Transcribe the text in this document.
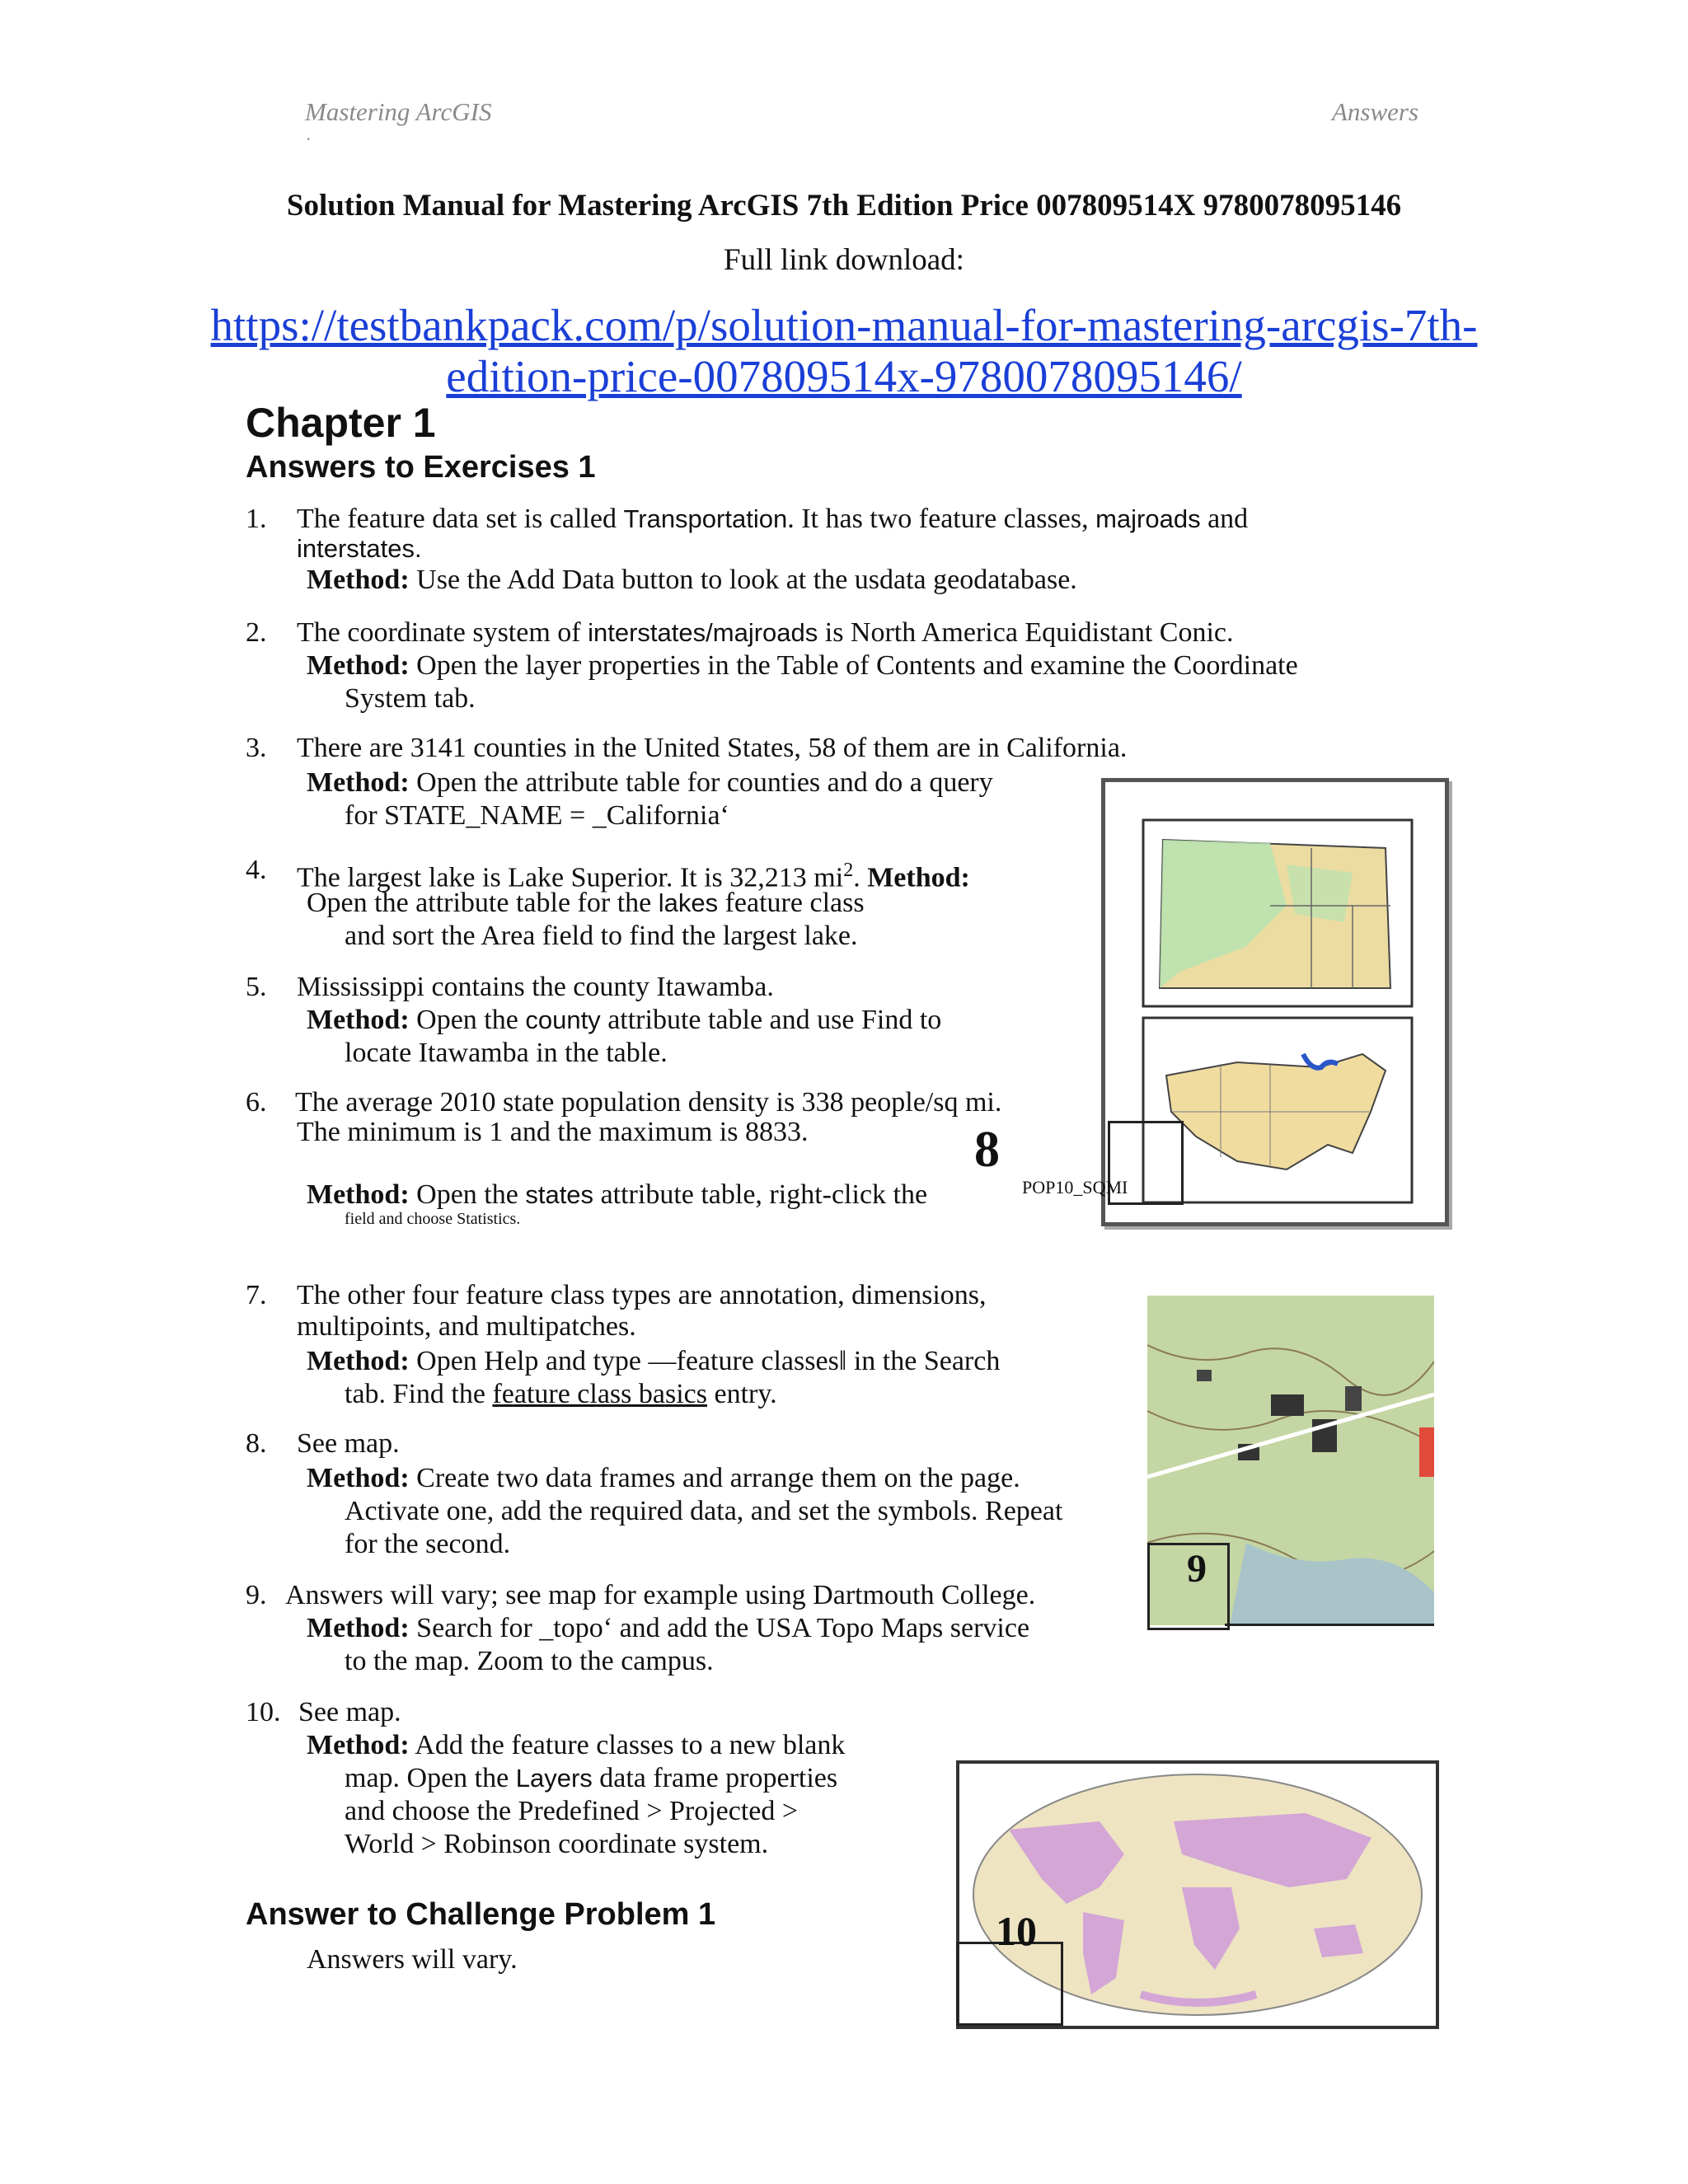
Mastering ArcGIS
.
Answers
Solution Manual for Mastering ArcGIS 7th Edition Price 007809514X 9780078095146
Full link download:
https://testbankpack.com/p/solution-manual-for-mastering-arcgis-7th-
edition-price-007809514x-9780078095146/
Chapter 1
Answers to Exercises 1
1. The feature data set is called Transportation. It has two feature classes, majroads and
interstates.
Method: Use the Add Data button to look at the usdata geodatabase.
2. The coordinate system of interstates/majroads is North America Equidistant Conic.
Method: Open the layer properties in the Table of Contents and examine the Coordinate
System tab.
3. There are 3141 counties in the United States, 58 of them are in California.
Method: Open the attribute table for counties and do a query
for STATE_NAME = _California‘
4. The largest lake is Lake Superior. It is 32,213 $mi^2$. Method:
Open the attribute table for the lakes feature class
and sort the Area field to find the largest lake.
5. Mississippi contains the county Itawamba.
Method: Open the county attribute table and use Find to
locate Itawamba in the table.
6. The average 2010 state population density is 338 people/sq mi.
The minimum is 1 and the maximum is 8833.
Method: Open the states attribute table, right-click the
field and choose Statistics.
7. The other four feature class types are annotation, dimensions,
multipoints, and multipatches.
Method: Open Help and type ―feature classes‖ in the Search
tab. Find the feature class basics entry.
8. See map.
Method: Create two data frames and arrange them on the page.
Activate one, add the required data, and set the symbols. Repeat
for the second.
9. Answers will vary; see map for example using Dartmouth College.
Method: Search for _topo‘ and add the USA Topo Maps service
to the map. Zoom to the campus.
10. See map.
Method: Add the feature classes to a new blank
map. Open the Layers data frame properties
and choose the Predefined > Projected >
World > Robinson coordinate system.
Answer to Challenge Problem 1
Answers will vary.
8
POP10_SQMI
9
10
